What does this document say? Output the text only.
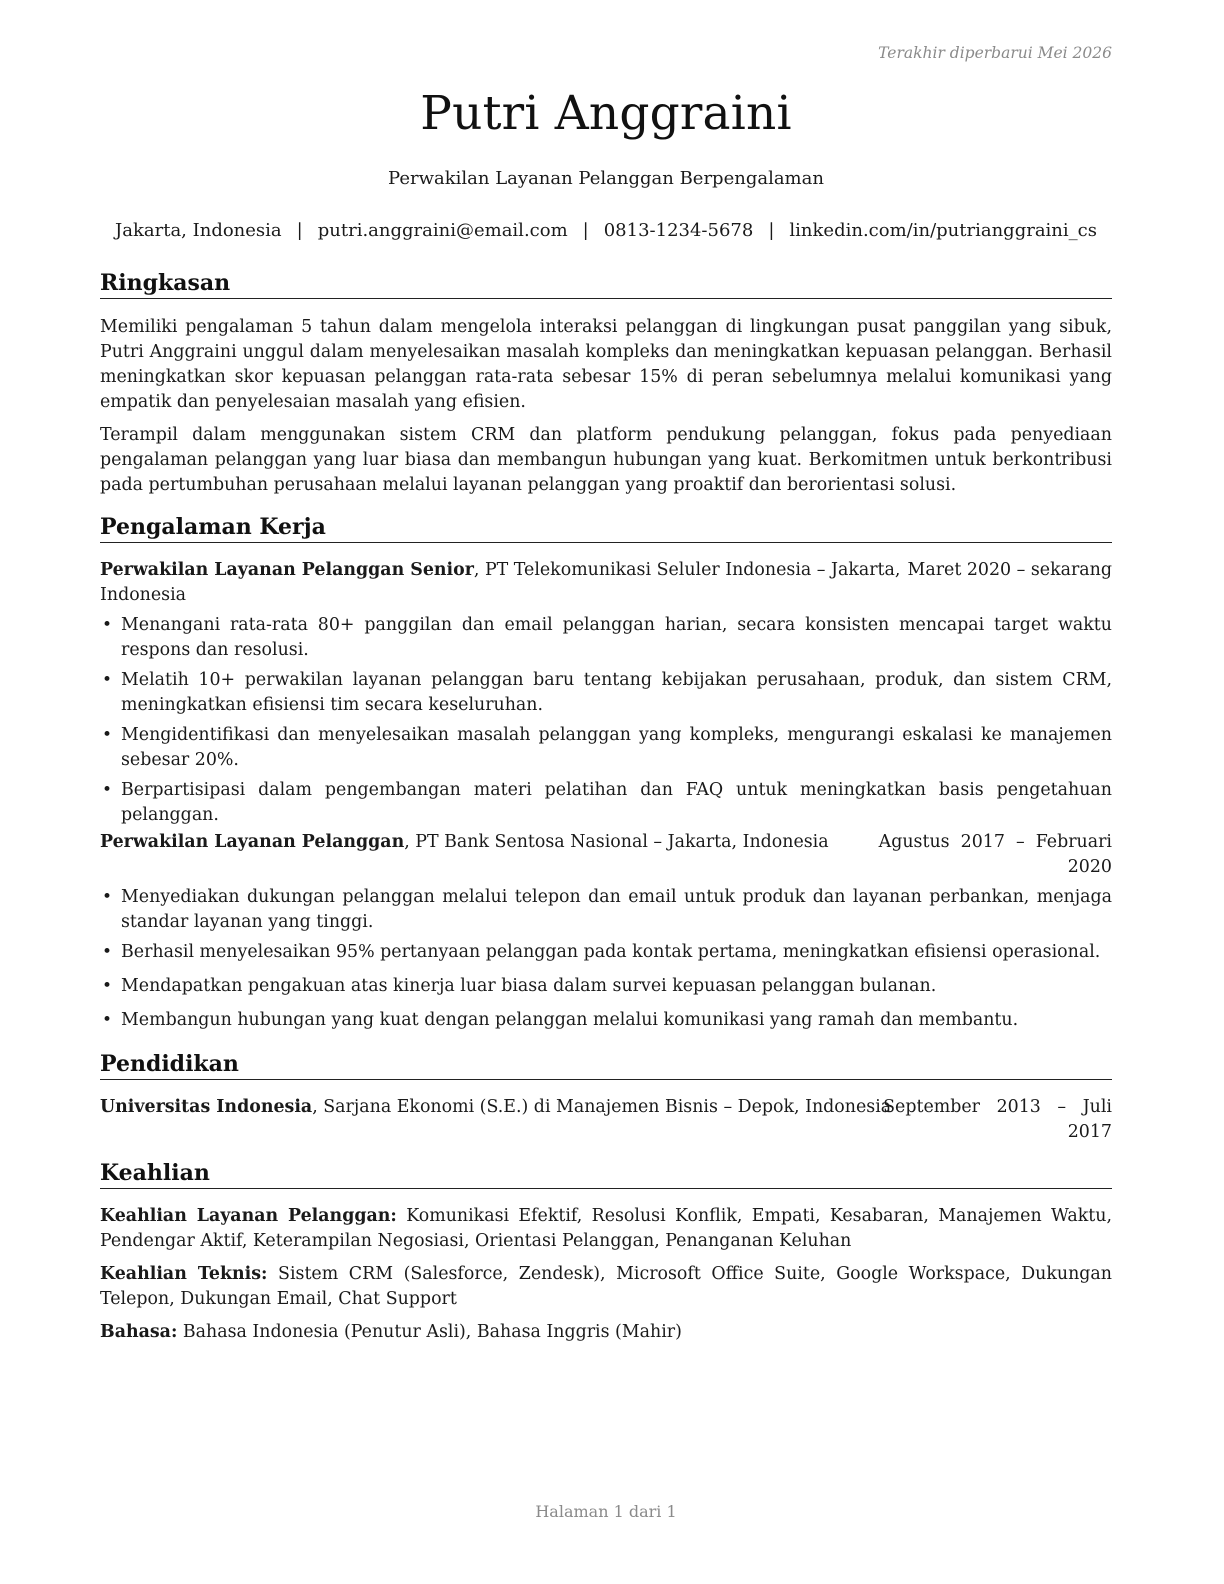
Terakhir diperbarui Mei 2026
Putri Anggraini
Perwakilan Layanan Pelanggan Berpengalaman
Jakarta, Indonesia | putri.anggraini@email.com | 0813-1234-5678 | linkedin.com/in/putrianggraini_cs
Ringkasan

Memiliki pengalaman 5 tahun dalam mengelola interaksi pelanggan di lingkungan pusat panggilan yang sibuk, Putri Anggraini unggul dalam menyelesaikan masalah kompleks dan meningkatkan kepuasan pelanggan. Berhasil meningkatkan skor kepuasan pelanggan rata-rata sebesar 15% di peran sebelumnya melalui komunikasi yang empatik dan penyelesaian masalah yang efisien.

Terampil dalam menggunakan sistem CRM dan platform pendukung pelanggan, fokus pada penyediaan pengalaman pelanggan yang luar biasa dan membangun hubungan yang kuat. Berkomitmen untuk berkontribusi pada pertumbuhan perusahaan melalui layanan pelanggan yang proaktif dan berorientasi solusi.

Pengalaman Kerja
Perwakilan Layanan Pelanggan Senior, PT Telekomunikasi Seluler Indonesia – Jakarta,
Indonesia
Maret 2020 – sekarang
• Menangani rata-rata 80+ panggilan dan email pelanggan harian, secara konsisten mencapai target waktu respons dan resolusi.
• Melatih 10+ perwakilan layanan pelanggan baru tentang kebijakan perusahaan, produk, dan sistem CRM, meningkatkan efisiensi tim secara keseluruhan.
• Mengidentifikasi dan menyelesaikan masalah pelanggan yang kompleks, mengurangi eskalasi ke manajemen sebesar 20%.
• Berpartisipasi dalam pengembangan materi pelatihan dan FAQ untuk meningkatkan basis pengetahuan pelanggan.
Perwakilan Layanan Pelanggan, PT Bank Sentosa Nasional – Jakarta, Indonesia	Agustus  2017  –  Februari
2020
• Menyediakan dukungan pelanggan melalui telepon dan email untuk produk dan layanan perbankan, menjaga standar layanan yang tinggi.
• Berhasil menyelesaikan 95% pertanyaan pelanggan pada kontak pertama, meningkatkan efisiensi operasional.
• Mendapatkan pengakuan atas kinerja luar biasa dalam survei kepuasan pelanggan bulanan.
• Membangun hubungan yang kuat dengan pelanggan melalui komunikasi yang ramah dan membantu.
Pendidikan
Universitas Indonesia, Sarjana Ekonomi (S.E.) di Manajemen Bisnis – Depok, Indonesia
September   2013   –   Juli
2017
Keahlian

Keahlian Layanan Pelanggan: Komunikasi Efektif, Resolusi Konflik, Empati, Kesabaran, Manajemen Waktu, Pendengar Aktif, Keterampilan Negosiasi, Orientasi Pelanggan, Penanganan Keluhan

Keahlian Teknis: Sistem CRM (Salesforce, Zendesk), Microsoft Office Suite, Google Workspace, Dukungan Telepon, Dukungan Email, Chat Support

Bahasa: Bahasa Indonesia (Penutur Asli), Bahasa Inggris (Mahir)

Halaman 1 dari 1
